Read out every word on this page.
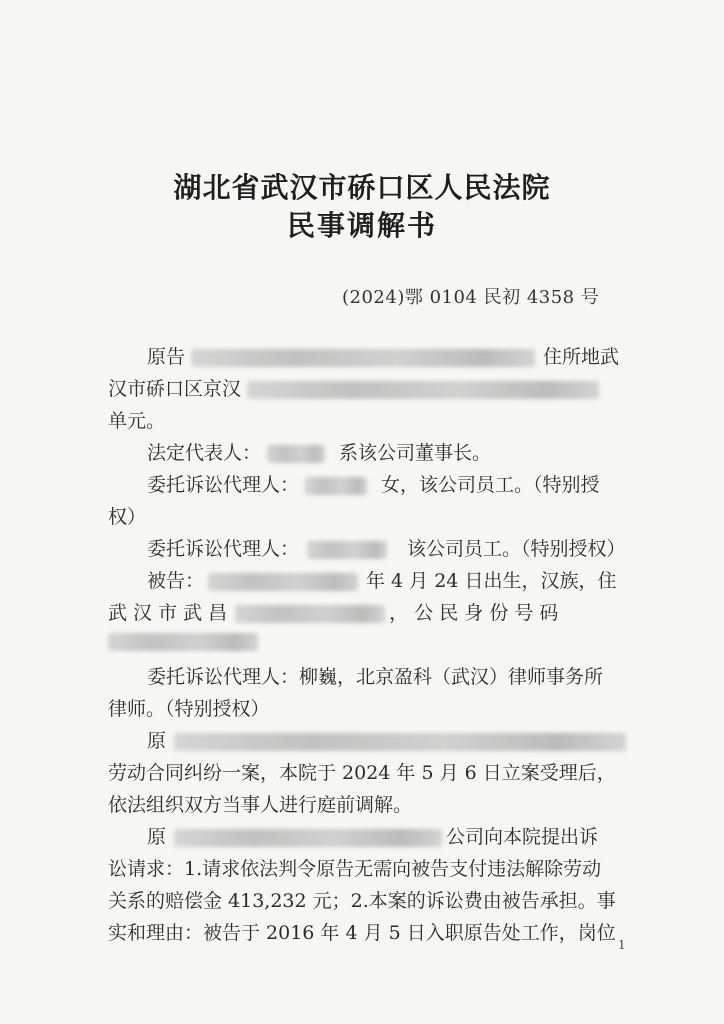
湖北省武汉市硚口区人民法院
民事调解书
(2024)鄂 0104 民初 4358 号
原告	住所地武
汉市硚口区京汉
单元。
法定代表人：	系该公司董事长。
委托诉讼代理人：	女，该公司员工。（特别授
权）
委托诉讼代理人：	该公司员工。（特别授权）
被告：	年 4 月 24 日出生，汉族，住
武 汉 市 武 昌	， 公 民 身 份 号 码
委托诉讼代理人：柳巍，北京盈科（武汉）律师事务所
律师。（特别授权）
原
劳动合同纠纷一案，本院于 2024 年 5 月 6 日立案受理后，
依法组织双方当事人进行庭前调解。
原	公司向本院提出诉
讼请求：1.请求依法判令原告无需向被告支付违法解除劳动
关系的赔偿金 413,232 元；2.本案的诉讼费由被告承担。事
实和理由：被告于 2016 年 4 月 5 日入职原告处工作，岗位
1
